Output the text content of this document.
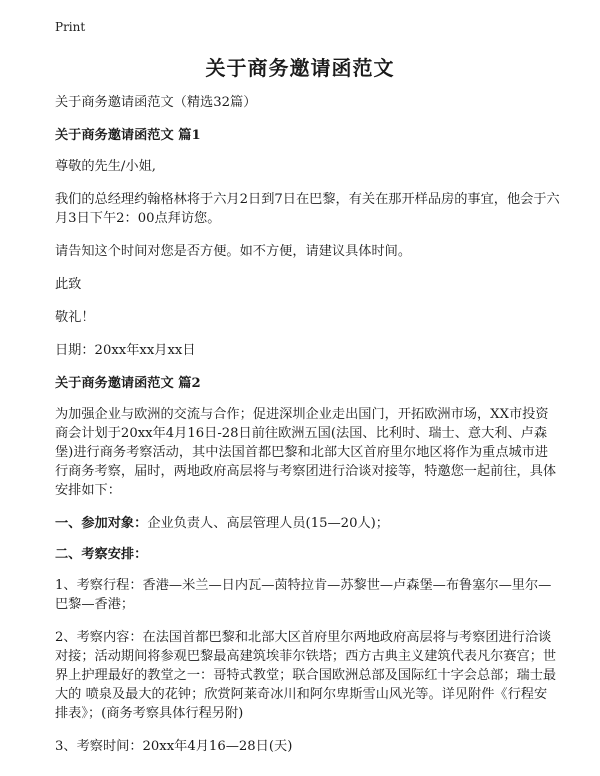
Print
关于商务邀请函范文

关于商务邀请函范文（精选32篇）

关于商务邀请函范文 篇1

尊敬的先生/小姐,

我们的总经理约翰格林将于六月2日到7日在巴黎，有关在那开样品房的事宜，他会于六月3日下午2：00点拜访您。

请告知这个时间对您是否方便。如不方便，请建议具体时间。

此致

敬礼！

日期：20xx年xx月xx日

关于商务邀请函范文 篇2

为加强企业与欧洲的交流与合作；促进深圳企业走出国门，开拓欧洲市场，XX市投资商会计划于20xx年4月16日-28日前往欧洲五国(法国、比利时、瑞士、意大利、卢森堡)进行商务考察活动，其中法国首都巴黎和北部大区首府里尔地区将作为重点城市进行商务考察，届时，两地政府高层将与考察团进行洽谈对接等，特邀您一起前往，具体安排如下：

一、参加对象：企业负责人、高层管理人员(15—20人)；

二、考察安排：

1、考察行程：香港—米兰—日内瓦—茵特拉肯—苏黎世—卢森堡—布鲁塞尔—里尔—巴黎—香港；

2、考察内容：在法国首都巴黎和北部大区首府里尔两地政府高层将与考察团进行洽谈对接；活动期间将参观巴黎最高建筑埃菲尔铁塔；西方古典主义建筑代表凡尔赛宫；世界上护理最好的教堂之一：哥特式教堂；联合国欧洲总部及国际红十字会总部；瑞士最大的 喷泉及最大的花钟；欣赏阿莱奇冰川和阿尔卑斯雪山风光等。详见附件《行程安排表》；(商务考察具体行程另附)

3、考察时间：20xx年4月16—28日(天)
